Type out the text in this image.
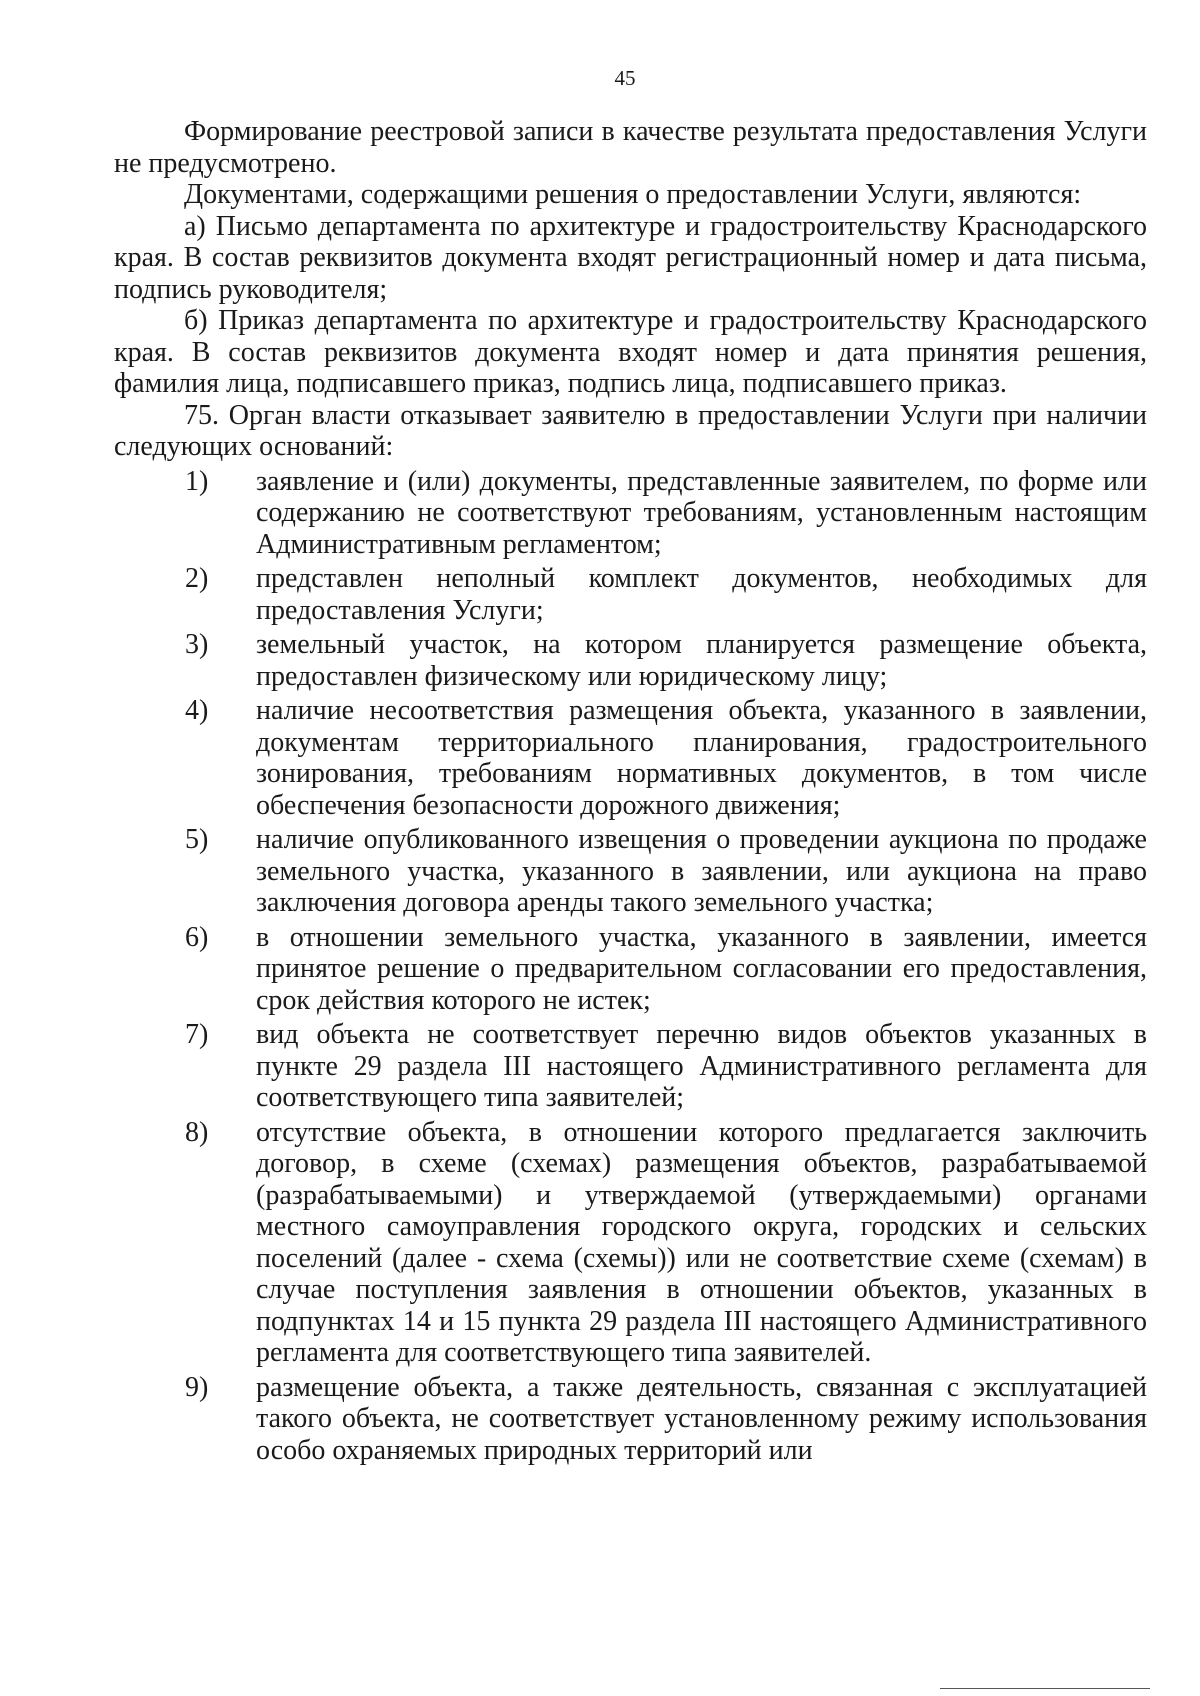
45

Формирование реестровой записи в качестве результата предоставления Услуги не предусмотрено.

Документами, содержащими решения о предоставлении Услуги, являются:

а) Письмо департамента по архитектуре и градостроительству Краснодарского края. В состав реквизитов документа входят регистрационный номер и дата письма, подпись руководителя;

б) Приказ департамента по архитектуре и градостроительству Краснодарского края. В состав реквизитов документа входят номер и дата принятия решения, фамилия лица, подписавшего приказ, подпись лица, подписавшего приказ.

75. Орган власти отказывает заявителю в предоставлении Услуги при наличии следующих оснований:

1)	заявление и (или) документы, представленные заявителем, по форме или содержанию не соответствуют требованиям, установленным настоящим Административным регламентом;
2)	представлен неполный комплект документов, необходимых для предоставления Услуги;
3)	земельный участок, на котором планируется размещение объекта, предоставлен физическому или юридическому лицу;
4)	наличие несоответствия размещения объекта, указанного в заявлении, документам территориального планирования, градостроительного зонирования, требованиям нормативных документов, в том числе обеспечения безопасности дорожного движения;
5)	наличие опубликованного извещения о проведении аукциона по продаже земельного участка, указанного в заявлении, или аукциона на право заключения договора аренды такого земельного участка;
6)	в отношении земельного участка, указанного в заявлении, имеется принятое решение о предварительном согласовании его предоставления, срок действия которого не истек;
7)	вид объекта не соответствует перечню видов объектов указанных в пункте 29 раздела III настоящего Административного регламента для соответствующего типа заявителей;
8)	отсутствие объекта, в отношении которого предлагается заключить договор, в схеме (схемах) размещения объектов, разрабатываемой (разрабатываемыми) и утверждаемой (утверждаемыми) органами местного самоуправления городского округа, городских и сельских поселений (далее - схема (схемы)) или не соответствие схеме (схемам) в случае поступления заявления в отношении объектов, указанных в подпунктах 14 и 15 пункта 29 раздела III настоящего Административного регламента для соответствующего типа заявителей.
9)	размещение объекта, а также деятельность, связанная с эксплуатацией такого объекта, не соответствует установленному режиму использования особо охраняемых природных территорий или
